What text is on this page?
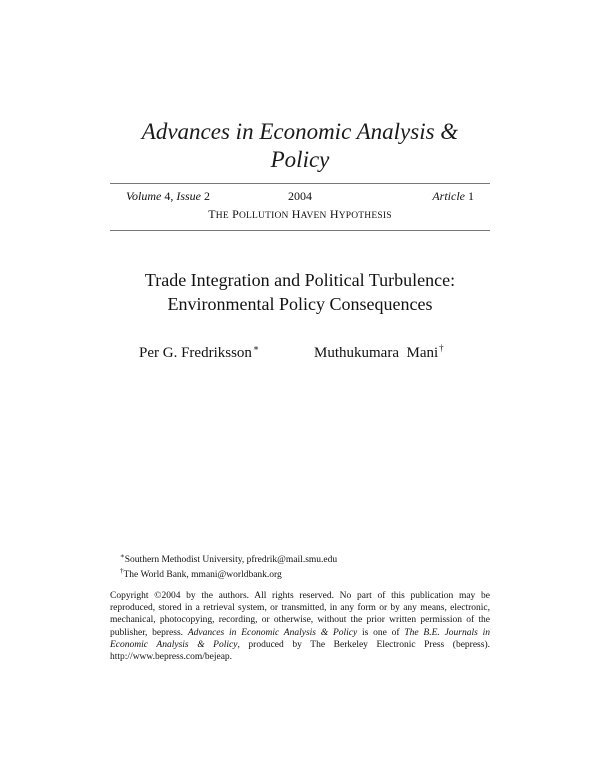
Advances in Economic Analysis &
Policy
Volume 4, Issue 2	2004	Article 1
THE POLLUTION HAVEN HYPOTHESIS
Trade Integration and Political Turbulence:
Environmental Policy Consequences
Per G. Fredriksson∗	Muthukumara  Mani†
∗Southern Methodist University, pfredrik@mail.smu.edu
†The World Bank, mmani@worldbank.org
Copyright ©2004 by the authors. All rights reserved. No part of this publication may be reproduced, stored in a retrieval system, or transmitted, in any form or by any means, electronic, mechanical, photocopying, recording, or otherwise, without the prior written permission of the publisher, bepress. Advances in Economic Analysis & Policy is one of The B.E. Journals in Economic Analysis & Policy, produced by The Berkeley Electronic Press (bepress). http://www.bepress.com/bejeap.
